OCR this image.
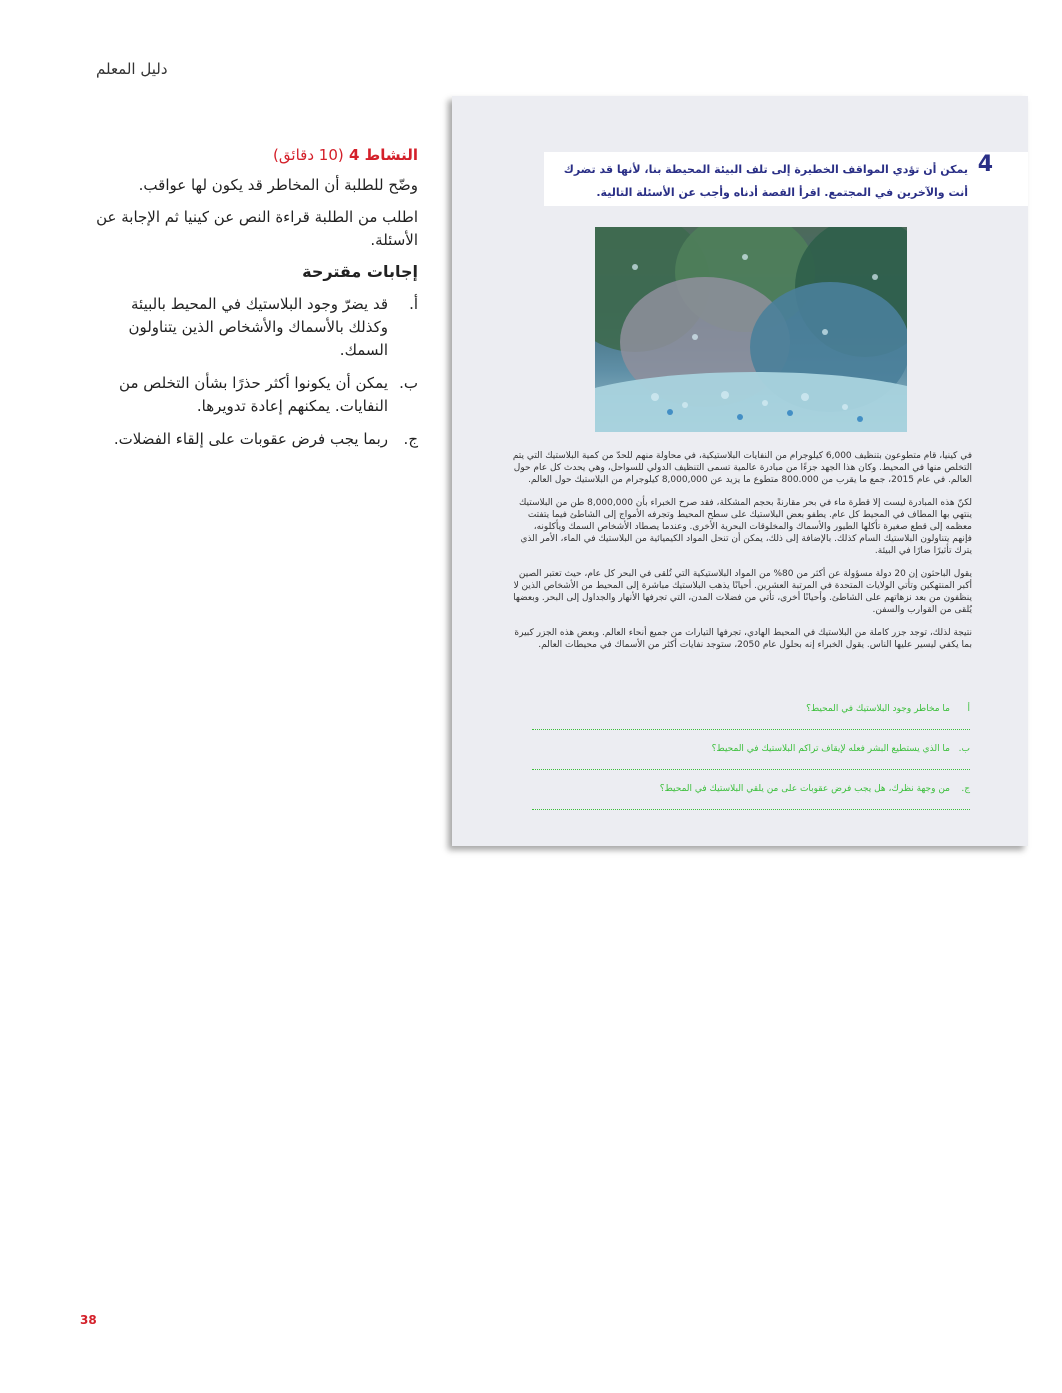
دليل المعلم
النشاط 4 (10 دقائق)

وضّح للطلبة أن المخاطر قد يكون لها عواقب.

اطلب من الطلبة قراءة النص عن كينيا ثم الإجابة عن الأسئلة.

إجابات مقترحة
أ.
قد يضرّ وجود البلاستيك في المحيط بالبيئة وكذلك بالأسماك والأشخاص الذين يتناولون السمك.
ب.
يمكن أن يكونوا أكثر حذرًا بشأن التخلص من النفايات. يمكنهم إعادة تدويرها.
ج.
ربما يجب فرض عقوبات على إلقاء الفضلات.
4
يمكن أن تؤدي المواقف الخطيرة إلى تلف البيئة المحيطة بنا، لأنها قد تضرك أنت والآخرين في المجتمع. اقرأ القصة أدناه وأجب عن الأسئلة التالية.

في كينيا، قام متطوعون بتنظيف 6,000 كيلوجرام من النفايات البلاستيكية، في محاولة منهم للحدّ من كمية البلاستيك التي يتم التخلص منها في المحيط. وكان هذا الجهد جزءًا من مبادرة عالمية تسمى التنظيف الدولي للسواحل، وهي يحدث كل عام حول العالم. في عام 2015، جمع ما يقرب من 800.000 متطوع ما يزيد عن 8,000,000 كيلوجرام من البلاستيك حول العالم.

لكنّ هذه المبادرة ليست إلا قطرة ماء في بحر مقارنةً بحجم المشكلة، فقد صرح الخبراء بأن 8,000,000 طن من البلاستيك ينتهي بها المطاف في المحيط كل عام. يطفو بعض البلاستيك على سطح المحيط وتجرفه الأمواج إلى الشاطئ فيما يتفتت معظمه إلى قطع صغيرة تأكلها الطيور والأسماك والمخلوقات البحرية الأخرى. وعندما يصطاد الأشخاص السمك ويأكلونه، فإنهم يتناولون البلاستيك السام كذلك. بالإضافة إلى ذلك، يمكن أن تنحل المواد الكيميائية من البلاستيك في الماء، الأمر الذي يترك تأثيرًا ضارًا في البيئة.

يقول الباحثون إن 20 دولة مسؤولة عن أكثر من 80% من المواد البلاستيكية التي تُلقى في البحر كل عام، حيث تعتبر الصين أكبر المنتهكين وتأتي الولايات المتحدة في المرتبة العشرين. أحيانًا يذهب البلاستيك مباشرة إلى المحيط من الأشخاص الذين لا ينظفون من بعد نزهاتهم على الشاطئ. وأحيانًا أخرى، تأتي من فضلات المدن، التي تجرفها الأنهار والجداول إلى البحر. وبعضها يُلقى من القوارب والسفن.

نتيجة لذلك، توجد جزر كاملة من البلاستيك في المحيط الهادي، تجرفها التيارات من جميع أنحاء العالم. وبعض هذه الجزر كبيرة بما يكفي ليسير عليها الناس. يقول الخبراء إنه بحلول عام 2050، ستوجد نفايات أكثر من الأسماك في محيطات العالم.

أ
ما مخاطر وجود البلاستيك في المحيط؟
ب.
ما الذي يستطيع البشر فعله لإيقاف تراكم البلاستيك في المحيط؟
ج.
من وجهة نظرك، هل يجب فرض عقوبات على من يلقي البلاستيك في المحيط؟
38
